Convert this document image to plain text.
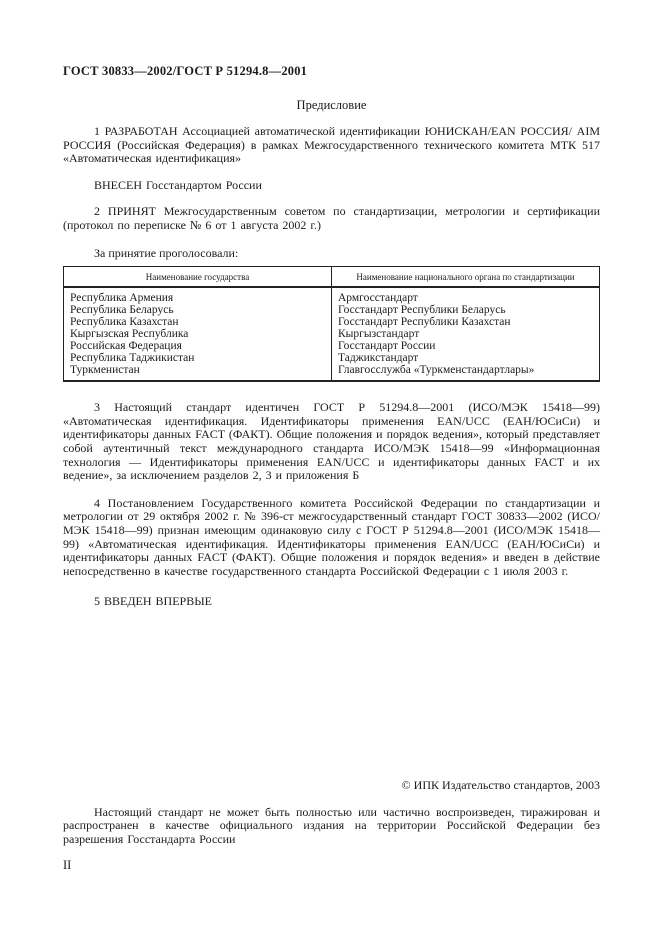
ГОСТ 30833—2002/ГОСТ Р 51294.8—2001
Предисловие

1 РАЗРАБОТАН Ассоциацией автоматической идентификации ЮНИСКАН/EAN РОССИЯ/ AIM РОССИЯ (Российская Федерация) в рамках Межгосударственного технического комитета МТК 517 «Автоматическая идентификация»

ВНЕСЕН Госстандартом России

2 ПРИНЯТ Межгосударственным советом по стандартизации, метрологии и сертификации (протокол по переписке № 6 от 1 августа 2002 г.)

За принятие проголосовали:

Наименование государства	Наименование национального органа по стандартизации
Республика Армения	Армгосстандарт
Республика Беларусь	Госстандарт Республики Беларусь
Республика Казахстан	Госстандарт Республики Казахстан
Кыргызская Республика	Кыргызстандарт
Российская Федерация	Госстандарт России
Республика Таджикистан	Таджикстандарт
Туркменистан	Главгосслужба «Туркменстандартлары»

3 Настоящий стандарт идентичен ГОСТ Р 51294.8—2001 (ИСО/МЭК 15418—99) «Автоматическая идентификация. Идентификаторы применения EAN/UCC (ЕАН/ЮСиСи) и идентификаторы данных FACT (ФАКТ). Общие положения и порядок ведения», который представляет собой аутентичный текст международного стандарта ИСО/МЭК 15418—99 «Информационная технология — Идентификаторы применения EAN/UCC и идентификаторы данных FACT и их ведение», за исключением разделов 2, 3 и приложения Б

4 Постановлением Государственного комитета Российской Федерации по стандартизации и метрологии от 29 октября 2002 г. № 396-ст межгосударственный стандарт ГОСТ 30833—2002 (ИСО/МЭК 15418—99) признан имеющим одинаковую силу с ГОСТ Р 51294.8—2001 (ИСО/МЭК 15418—99) «Автоматическая идентификация. Идентификаторы применения EAN/UCC (ЕАН/ЮСиСи) и идентификаторы данных FACT (ФАКТ). Общие положения и порядок ведения» и введен в действие непосредственно в качестве государственного стандарта Российской Федерации с 1 июля 2003 г.

5 ВВЕДЕН ВПЕРВЫЕ

© ИПК Издательство стандартов, 2003

Настоящий стандарт не может быть полностью или частично воспроизведен, тиражирован и распространен в качестве официального издания на территории Российской Федерации без разрешения Госстандарта России

II
